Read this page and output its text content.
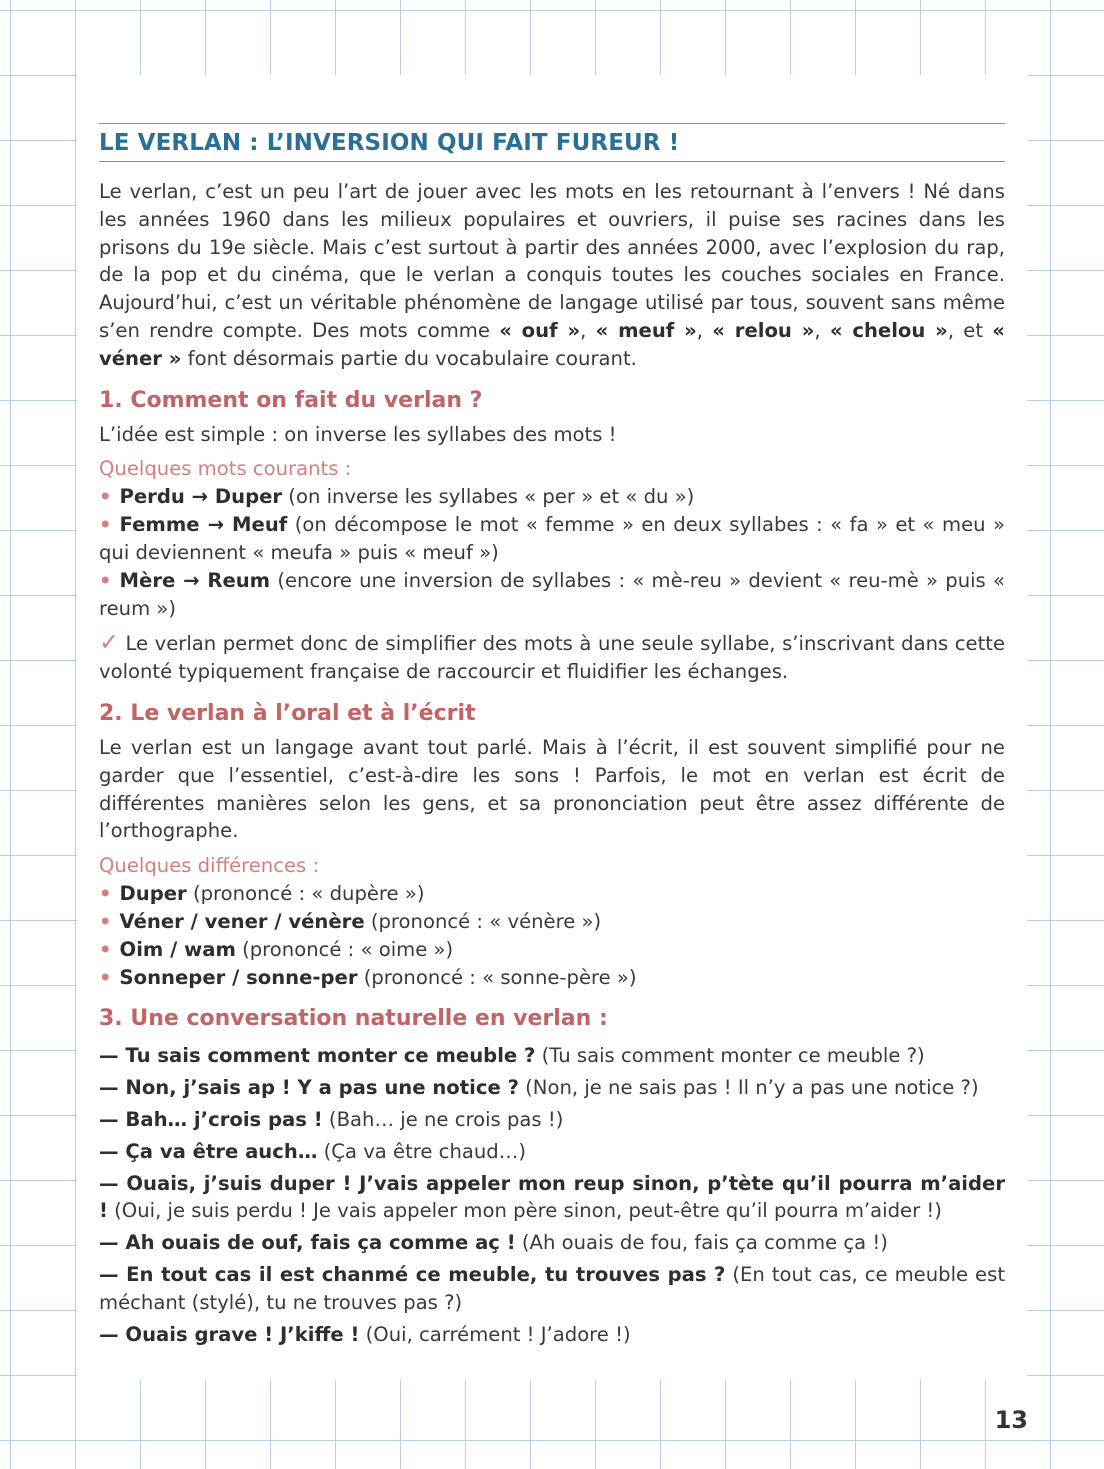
LE VERLAN : L’INVERSION QUI FAIT FUREUR !

Le verlan, c’est un peu l’art de jouer avec les mots en les retournant à l’envers ! Né dans les années 1960 dans les milieux populaires et ouvriers, il puise ses racines dans les prisons du 19e siècle. Mais c’est surtout à partir des années 2000, avec l’explosion du rap, de la pop et du cinéma, que le verlan a conquis toutes les couches sociales en France. Aujourd’hui, c’est un véritable phénomène de langage utilisé par tous, souvent sans même s’en rendre compte. Des mots comme « ouf », « meuf », « relou », « chelou », et « véner » font désormais partie du vocabulaire courant.

1. Comment on fait du verlan ?

L’idée est simple : on inverse les syllabes des mots !

Quelques mots courants :
• Perdu → Duper (on inverse les syllabes « per » et « du »)
• Femme → Meuf (on décompose le mot « femme » en deux syllabes : « fa » et « meu » qui deviennent « meufa » puis « meuf »)
• Mère → Reum (encore une inversion de syllabes : « mè-reu » devient « reu-mè » puis « reum »)

✓ Le verlan permet donc de simplifier des mots à une seule syllabe, s’inscrivant dans cette volonté typiquement française de raccourcir et fluidifier les échanges.

2. Le verlan à l’oral et à l’écrit

Le verlan est un langage avant tout parlé. Mais à l’écrit, il est souvent simplifié pour ne garder que l’essentiel, c’est-à-dire les sons ! Parfois, le mot en verlan est écrit de différentes manières selon les gens, et sa prononciation peut être assez différente de l’orthographe.

Quelques différences :
• Duper (prononcé : « dupère »)
• Véner / vener / vénère (prononcé : « vénère »)
• Oim / wam (prononcé : « oime »)
• Sonneper / sonne-per (prononcé : « sonne-père »)
3. Une conversation naturelle en verlan :

— Tu sais comment monter ce meuble ? (Tu sais comment monter ce meuble ?)

— Non, j’sais ap ! Y a pas une notice ? (Non, je ne sais pas ! Il n’y a pas une notice ?)

— Bah… j’crois pas ! (Bah… je ne crois pas !)

— Ça va être auch… (Ça va être chaud…)

— Ouais, j’suis duper ! J’vais appeler mon reup sinon, p’tète qu’il pourra m’aider ! (Oui, je suis perdu ! Je vais appeler mon père sinon, peut-être qu’il pourra m’aider !)

— Ah ouais de ouf, fais ça comme aç ! (Ah ouais de fou, fais ça comme ça !)

— En tout cas il est chanmé ce meuble, tu trouves pas ? (En tout cas, ce meuble est méchant (stylé), tu ne trouves pas ?)

— Ouais grave ! J’kiffe ! (Oui, carrément ! J’adore !)

13
